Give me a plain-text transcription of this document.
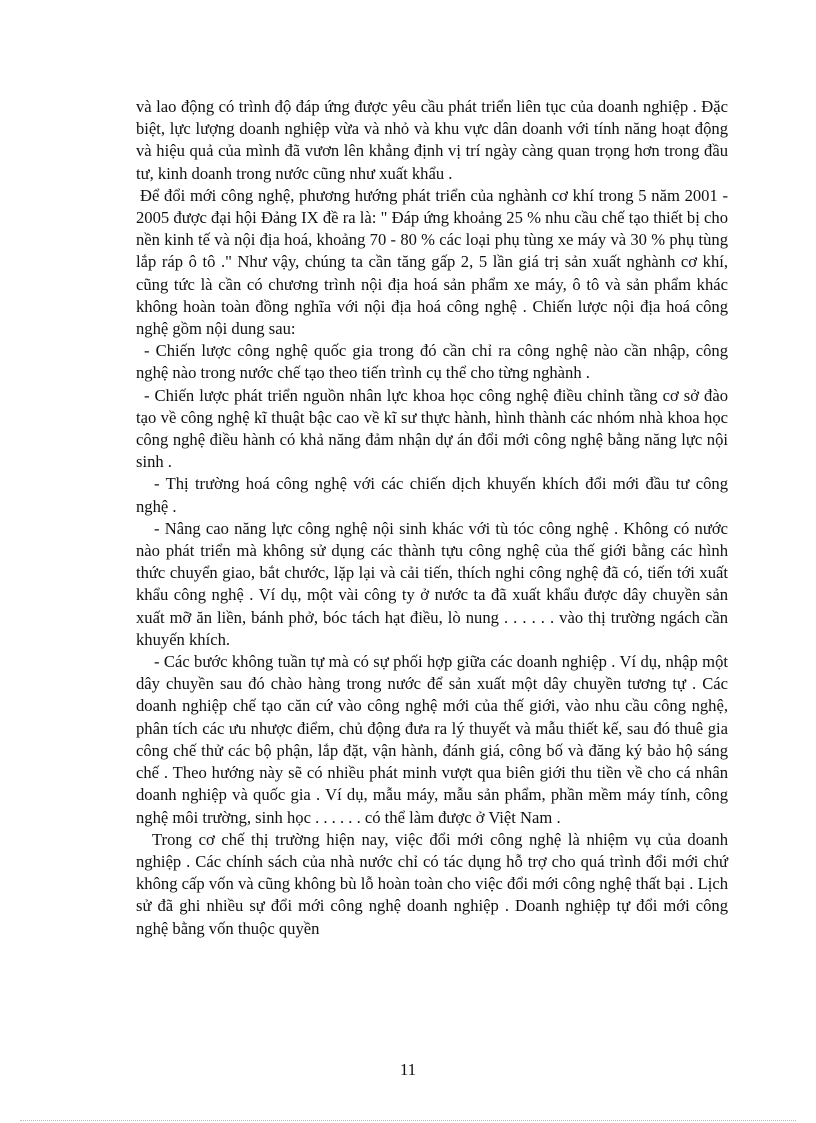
và lao động có trình độ đáp ứng được yêu cầu phát triển liên tục của doanh nghiệp . Đặc biệt, lực lượng doanh nghiệp vừa và nhỏ và khu vực dân doanh với tính năng hoạt động và hiệu quả của mình đã vươn lên khẳng định vị trí ngày càng quan trọng hơn trong đầu tư, kinh doanh trong nước cũng như xuất khẩu .

Để đổi mới công nghệ, phương hướng phát triển của nghành cơ khí trong 5 năm 2001 - 2005 được đại hội Đảng IX đề ra là: " Đáp ứng khoảng 25 % nhu cầu chế tạo thiết bị cho nền kinh tế và nội địa hoá, khoảng 70 - 80 % các loại phụ tùng xe máy và 30 % phụ tùng lắp ráp ô tô ." Như vậy, chúng ta cần tăng gấp 2, 5 lần giá trị sản xuất nghành cơ khí, cũng tức là cần có chương trình nội địa hoá sản phẩm xe máy, ô tô và sản phẩm khác không hoàn toàn đồng nghĩa với nội địa hoá công nghệ . Chiến lược nội địa hoá công nghệ gồm nội dung sau:

- Chiến lược công nghệ quốc gia trong đó cần chỉ ra công nghệ nào cần nhập, công nghệ nào trong nước chế tạo theo tiến trình cụ thể cho từng nghành .

- Chiến lược phát triển nguồn nhân lực khoa học công nghệ điều chỉnh tầng cơ sở đào tạo về công nghệ kĩ thuật bậc cao về kĩ sư thực hành, hình thành các nhóm nhà khoa học công nghệ điều hành có khả năng đảm nhận dự án đổi mới công nghệ bằng năng lực nội sinh .

- Thị trường hoá công nghệ với các chiến dịch khuyến khích đổi mới đầu tư công nghệ .

- Nâng cao năng lực công nghệ nội sinh khác với tù tóc công nghệ . Không có nước nào phát triển mà không sử dụng các thành tựu công nghệ của thế giới bằng các hình thức chuyển giao, bắt chước, lặp lại và cải tiến, thích nghi công nghệ đã có, tiến tới xuất khẩu công nghệ . Ví dụ, một vài công ty ở nước ta đã xuất khẩu được dây chuyền sản xuất mỡ ăn liền, bánh phở, bóc tách hạt điều, lò nung . . . . . . vào thị trường ngách cần khuyến khích.

- Các bước không tuần tự mà có sự phối hợp giữa các doanh nghiệp . Ví dụ, nhập một dây chuyền sau đó chào hàng trong nước để sản xuất một dây chuyền tương tự . Các doanh nghiệp chế tạo căn cứ vào công nghệ mới của thế giới, vào nhu cầu công nghệ, phân tích các ưu nhược điểm, chủ động đưa ra lý thuyết và mẫu thiết kế, sau đó thuê gia công chế thử các bộ phận, lắp đặt, vận hành, đánh giá, công bố và đăng ký bảo hộ sáng chế . Theo hướng này sẽ có nhiều phát minh vượt qua biên giới thu tiền về cho cá nhân doanh nghiệp và quốc gia . Ví dụ, mẫu máy, mẫu sản phẩm, phần mềm máy tính, công nghệ môi trường, sinh học . . . . . . có thể làm được ở Việt Nam .

Trong cơ chế thị trường hiện nay, việc đổi mới công nghệ là nhiệm vụ của doanh nghiệp . Các chính sách của nhà nước chỉ có tác dụng hỗ trợ cho quá trình đổi mới chứ không cấp vốn và cũng không bù lỗ hoàn toàn cho việc đổi mới công nghệ thất bại . Lịch sử đã ghi nhiều sự đổi mới công nghệ doanh nghiệp . Doanh nghiệp tự đổi mới công nghệ bằng vốn thuộc quyền

11
